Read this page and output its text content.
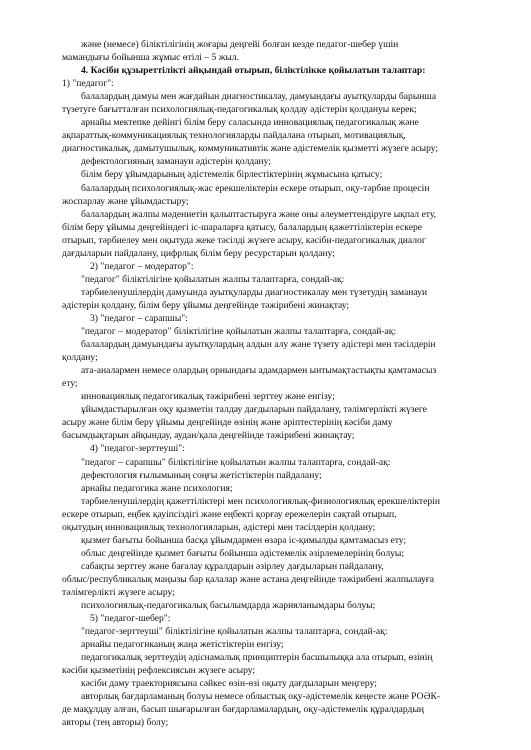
және (немесе) біліктілігінің жоғары деңгейі болған кезде педагог-шебер үшін
мамандығы бойынша жұмыс өтілі – 5 жыл.
4. Кәсіби құзыреттілікті айқындай отырып, біліктілікке қойылатын талаптар:
1) "педагог":
балалардың дамуы мен жағдайын диагностикалау, дамуындағы ауытқуларды барынша
түзетуге бағытталған психологиялық-педагогикалық қолдау әдістерін қолдануы керек;
арнайы мектепке дейінгі білім беру саласында инновациялық педагогикалық және
ақпараттық-коммуникациялық технологияларды пайдалана отырып, мотивациялық,
диагностикалық, дамытушылық, коммуникативтік және әдістемелік қызметті жүзеге асыру;
дефектологияның заманауи әдістерін қолдану;
білім беру ұйымдарының әдістемелік бірлестіктерінің жұмысына қатысу;
балалардың психологиялық-жас ерекшеліктерін ескере отырып, оқу-тәрбие процесін
жоспарлау және ұйымдастыру;
балалардың жалпы мәдениетін қалыптастыруға және оны әлеуметтендіруге ықпал ету,
білім беру ұйымы деңгейіндегі іс-шараларға қатысу, балалардың қажеттіліктерін ескере
отырып, тәрбиелеу мен оқытуда жеке тәсілді жүзеге асыру, кәсіби-педагогикалық диалог
дағдыларын пайдалану, цифрлық білім беру ресурстарын қолдану;
2) "педагог – модератор":
"педагог" біліктілігіне қойылатын жалпы талаптарға, сондай-ақ:
тәрбиеленушілердің дамуында ауытқуларды диагностикалау мен түзетудің заманауи
әдістерін қолдану, білім беру ұйымы деңгейінде тәжірибені жинақтау;
3) "педагог – сарапшы":
"педагог – модератор" біліктілігіне қойылатын жалпы талаптарға, сондай-ақ:
балалардың дамуындағы ауытқулардың алдын алу және түзету әдістері мен тәсілдерін
қолдану;
ата-аналармен немесе олардың орнындағы адамдармен ынтымақтастықты қамтамасыз
ету;
инновациялық педагогикалық тәжірибені зерттеу және енгізу;
ұйымдастырылған оқу қызметін талдау дағдыларын пайдалану, тәлімгерлікті жүзеге
асыру және білім беру ұйымы деңгейінде өзінің және әріптестерінің кәсіби даму
басымдықтарын айқындау, аудан/қала деңгейінде тәжірибені жинақтау;
4) "педагог-зерттеуші":
"педагог – сарапшы" біліктілігіне қойылатын жалпы талаптарға, сондай-ақ:
дефектология ғылымының соңғы жетістіктерін пайдалану;
арнайы педагогика және психология;
тәрбиеленушілердің қажеттіліктері мен психологиялық-физиологиялық ерекшеліктерін
ескере отырып, еңбек қауіпсіздігі және еңбекті қорғау ережелерін сақтай отырып,
оқытудың инновациялық технологияларын, әдістері мен тәсілдерін қолдану;
қызмет бағыты бойынша басқа ұйымдармен өзара іс-қимылды қамтамасыз ету;
облыс деңгейінде қызмет бағыты бойынша әдістемелік әзірлемелерінің болуы;
сабақты зерттеу және бағалау құралдарын әзірлеу дағдыларын пайдалану,
облыс/республикалық маңызы бар қалалар және астана деңгейінде тәжірибені жалпылауға
тәлімгерлікті жүзеге асыру;
психологиялық-педагогикалық басылымдарда жарияланымдары болуы;
5) "педагог-шебер":
"педагог-зерттеуші" біліктілігіне қойылатын жалпы талаптарға, сондай-ақ:
арнайы педагогиканың жаңа жетістіктерін енгізу;
педагогикалық зерттеудің әдіснамалық принциптерін басшылыққа ала отырып, өзінің
кәсіби қызметінің рефлексиясын жүзеге асыру;
кәсіби даму траекториясына сәйкес өзін-өзі оқыту дағдыларын меңгеру;
авторлық бағдарламаның болуы немесе облыстық оқу-әдістемелік кеңесте және РОӘК-
де мақұлдау алған, басып шығарылған бағдарламалардың, оқу-әдістемелік құралдардың
авторы (тең авторы) болу;
